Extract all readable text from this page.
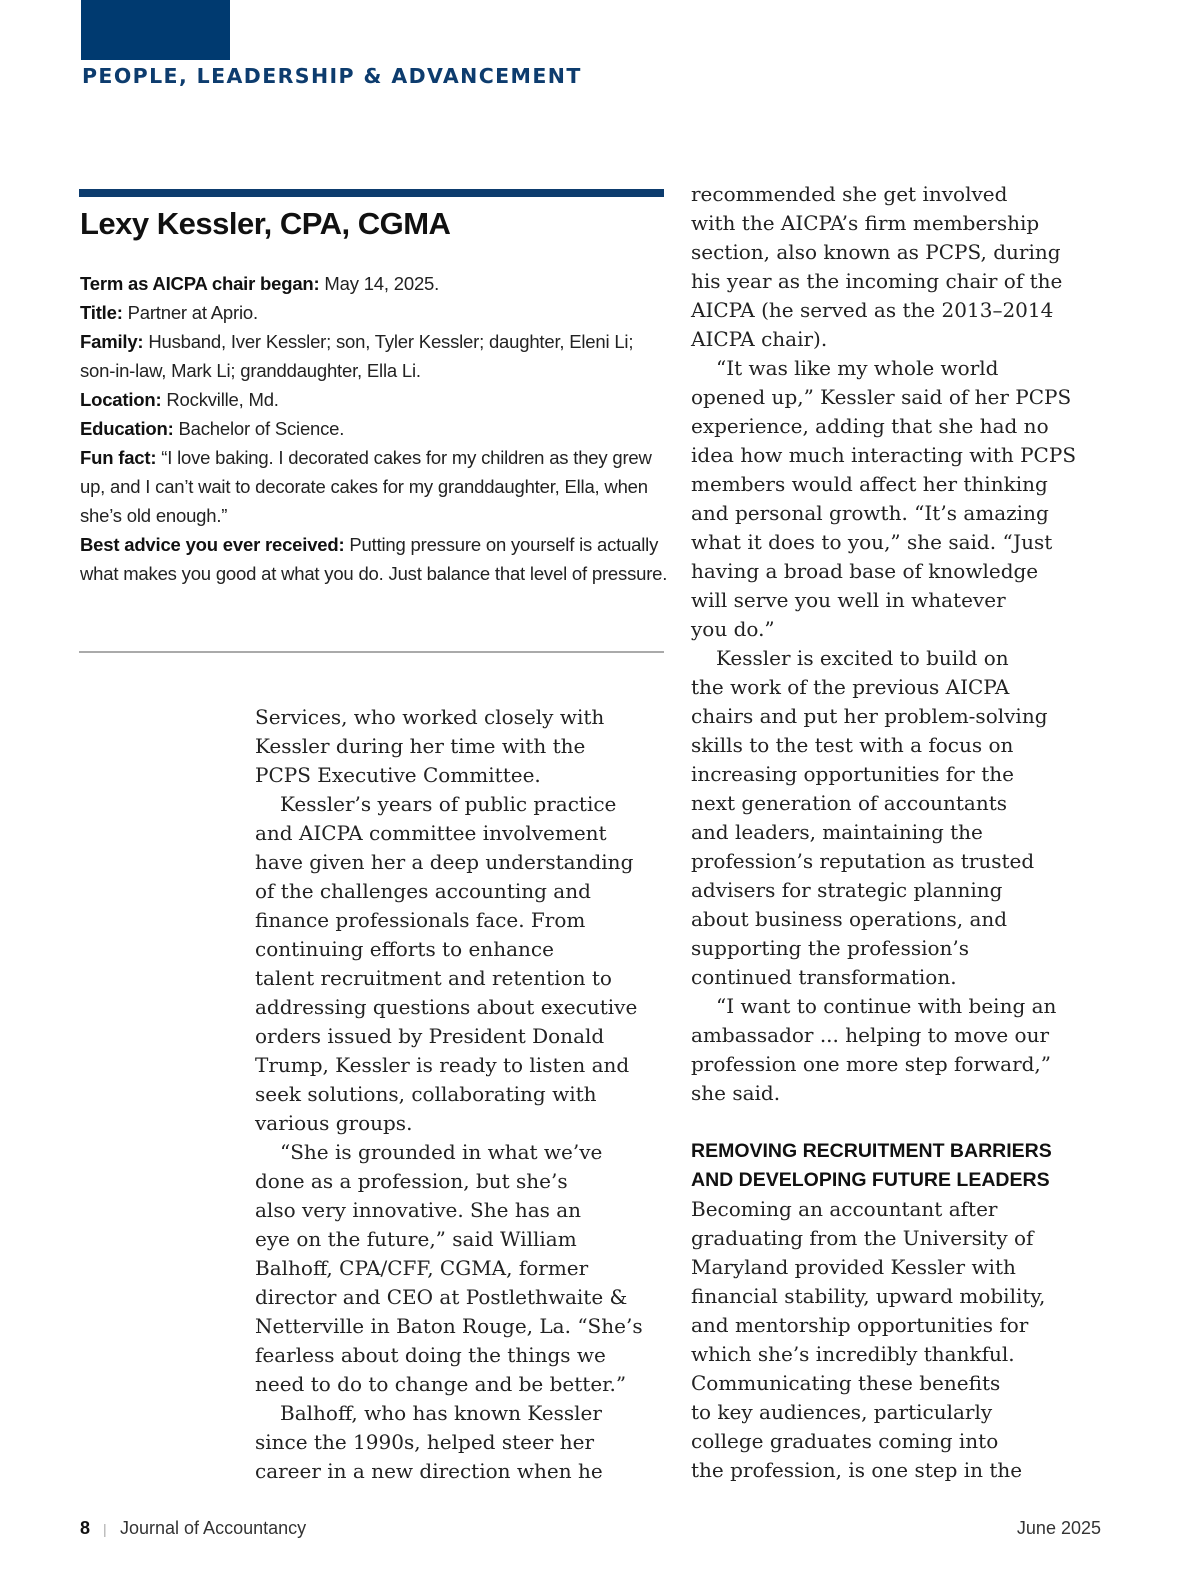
PEOPLE, LEADERSHIP & ADVANCEMENT
Lexy Kessler, CPA, CGMA
Term as AICPA chair began: May 14, 2025.
Title: Partner at Aprio.
Family: Husband, Iver Kessler; son, Tyler Kessler; daughter, Eleni Li; son-in-law, Mark Li; granddaughter, Ella Li.
Location: Rockville, Md.
Education: Bachelor of Science.
Fun fact: “I love baking. I decorated cakes for my children as they grew up, and I can’t wait to decorate cakes for my granddaughter, Ella, when she’s old enough.”
Best advice you ever received: Putting pressure on yourself is actually what makes you good at what you do. Just balance that level of pressure.
Services, who worked closely with
Kessler during her time with the
PCPS Executive Committee.
Kessler’s years of public practice
and AICPA committee involvement
have given her a deep understanding
of the challenges accounting and
finance professionals face. From
continuing efforts to enhance
talent recruitment and retention to
addressing questions about executive
orders issued by President Donald
Trump, Kessler is ready to listen and
seek solutions, collaborating with
various groups.
“She is grounded in what we’ve
done as a profession, but she’s
also very innovative. She has an
eye on the future,” said William
Balhoff, CPA/CFF, CGMA, former
director and CEO at Postlethwaite &
Netterville in Baton Rouge, La. “She’s
fearless about doing the things we
need to do to change and be better.”
Balhoff, who has known Kessler
since the 1990s, helped steer her
career in a new direction when he
recommended she get involved
with the AICPA’s firm membership
section, also known as PCPS, during
his year as the incoming chair of the
AICPA (he served as the 2013–2014
AICPA chair).
“It was like my whole world
opened up,” Kessler said of her PCPS
experience, adding that she had no
idea how much interacting with PCPS
members would affect her thinking
and personal growth. “It’s amazing
what it does to you,” she said. “Just
having a broad base of knowledge
will serve you well in whatever
you do.”
Kessler is excited to build on
the work of the previous AICPA
chairs and put her problem-solving
skills to the test with a focus on
increasing opportunities for the
next generation of accountants
and leaders, maintaining the
profession’s reputation as trusted
advisers for strategic planning
about business operations, and
supporting the profession’s
continued transformation.
“I want to continue with being an
ambassador ... helping to move our
profession one more step forward,”
she said.
REMOVING RECRUITMENT BARRIERS
AND DEVELOPING FUTURE LEADERS
Becoming an accountant after
graduating from the University of
Maryland provided Kessler with
financial stability, upward mobility,
and mentorship opportunities for
which she’s incredibly thankful.
Communicating these benefits
to key audiences, particularly
college graduates coming into
the profession, is one step in the
8 | Journal of Accountancy	June 2025
